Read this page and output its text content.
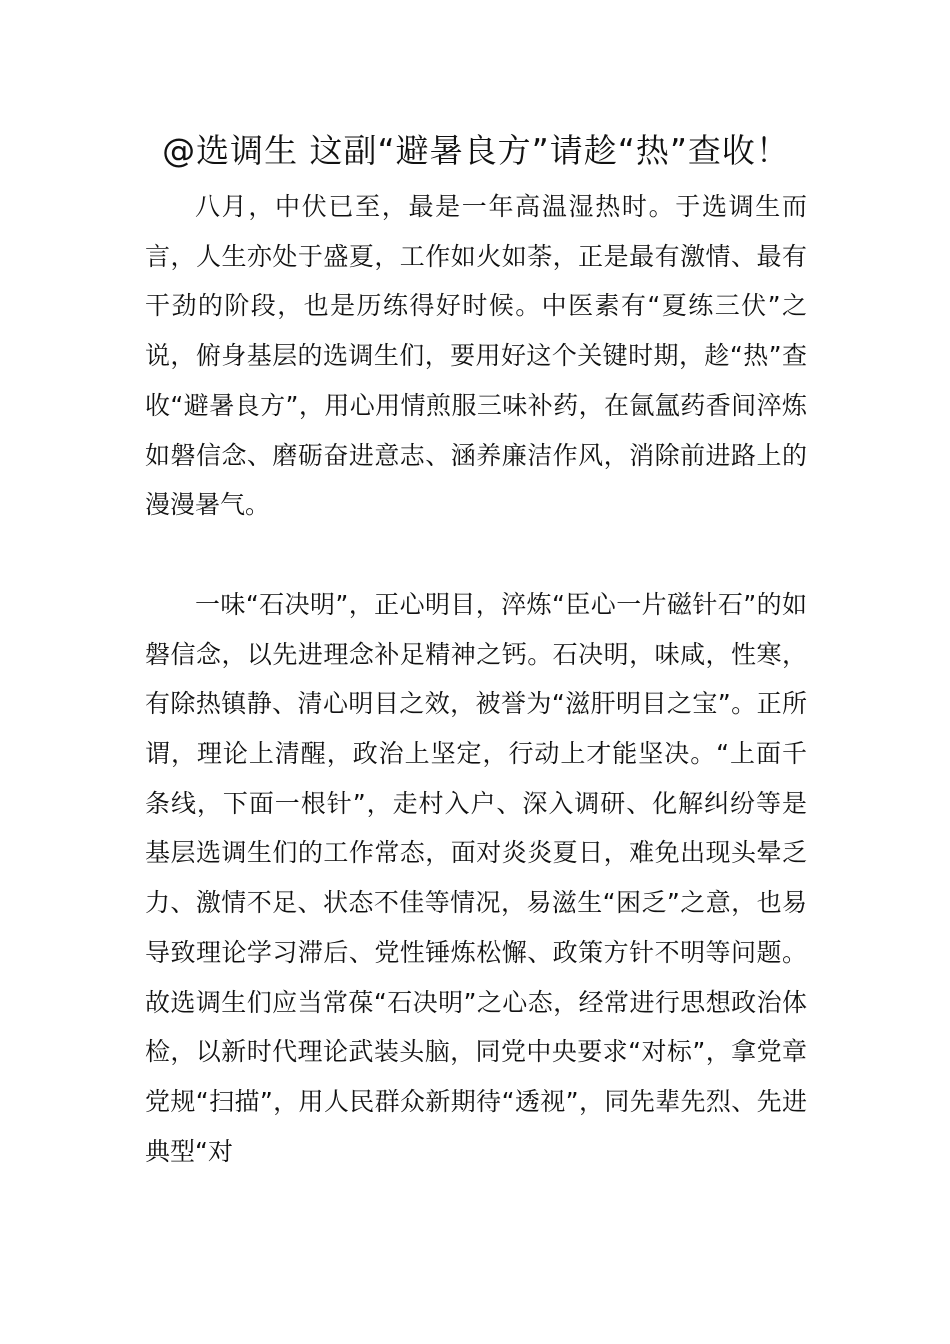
@选调生 这副“避暑良方”请趁“热”查收！

八月，中伏已至，最是一年高温湿热时。于选调生而言，人生亦处于盛夏，工作如火如荼，正是最有激情、最有干劲的阶段，也是历练得好时候。中医素有“夏练三伏”之说，俯身基层的选调生们，要用好这个关键时期，趁“热”查收“避暑良方”，用心用情煎服三味补药，在氤氲药香间淬炼如磐信念、磨砺奋进意志、涵养廉洁作风，消除前进路上的漫漫暑气。

一味“石决明”，正心明目，淬炼“臣心一片磁针石”的如磐信念，以先进理念补足精神之钙。石决明，味咸，性寒，有除热镇静、清心明目之效，被誉为“滋肝明目之宝”。正所谓，理论上清醒，政治上坚定，行动上才能坚决。“上面千条线，下面一根针”，走村入户、深入调研、化解纠纷等是基层选调生们的工作常态，面对炎炎夏日，难免出现头晕乏力、激情不足、状态不佳等情况，易滋生“困乏”之意，也易导致理论学习滞后、党性锤炼松懈、政策方针不明等问题。故选调生们应当常葆“石决明”之心态，经常进行思想政治体检，以新时代理论武装头脑，同党中央要求“对标”，拿党章党规“扫描”，用人民群众新期待“透视”，同先辈先烈、先进典型“对
